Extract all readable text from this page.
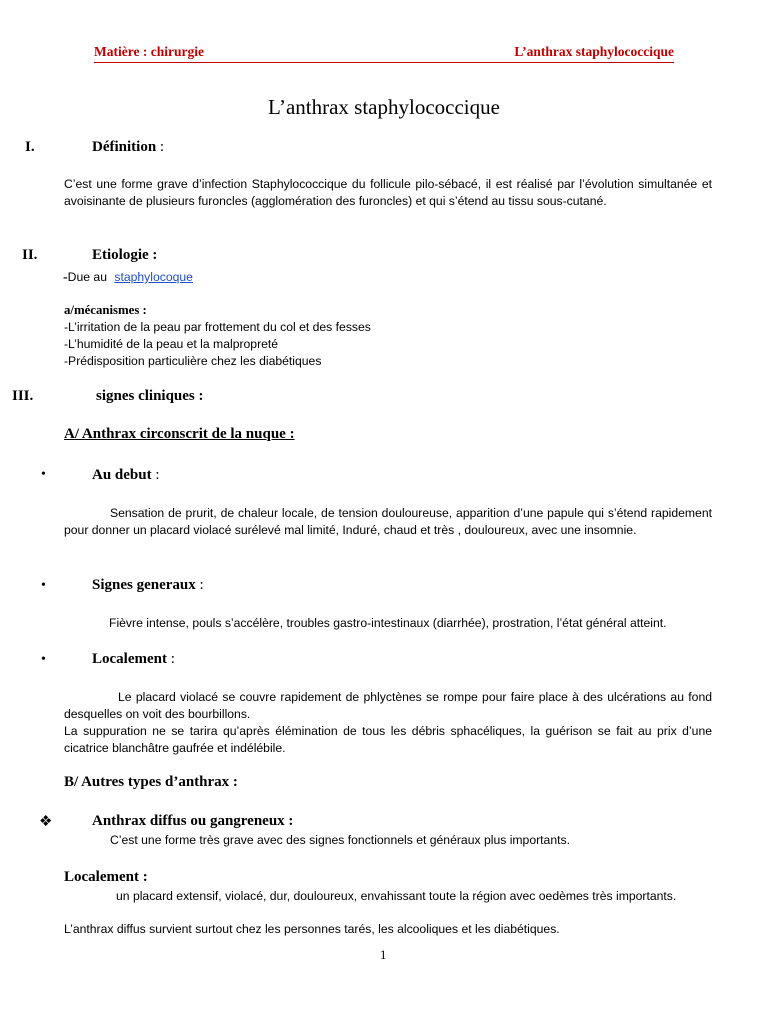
Matière : chirurgie	L’anthrax staphylococcique
L’anthrax staphylococcique
I.	Définition :
C’est une forme grave d’infection Staphylococcique du follicule pilo-sébacé, il est réalisé par l’évolution simultanée et avoisinante de plusieurs furoncles (agglomération des furoncles) et qui s’étend au tissu sous-cutané.
II.	Etiologie :
-Due au  staphylocoque
a/mécanismes :
-L’irritation de la peau par frottement du col et des fesses
-L’humidité de la peau et la malpropreté
-Prédisposition particulière chez les diabétiques
III.	signes cliniques :
A/ Anthrax circonscrit de la nuque :
•	Au debut :
Sensation de prurit, de chaleur locale, de tension douloureuse, apparition d’une papule qui s’étend rapidement pour donner un placard violacé surélevé mal limité, Induré, chaud et très , douloureux, avec une insomnie.
•	Signes generaux :
Fièvre intense, pouls s’accélère, troubles gastro-intestinaux (diarrhée), prostration, l’état général atteint.
•	Localement :
Le placard violacé se couvre rapidement de phlyctènes se rompe pour faire place à des ulcérations au fond desquelles on voit des bourbillons.
La suppuration ne se tarira qu’après élémination de tous les débris sphacéliques, la guérison se fait au prix d’une cicatrice blanchâtre gaufrée et indélébile.
B/ Autres types d’anthrax :
❖	Anthrax diffus ou gangreneux :
C’est une forme très grave avec des signes fonctionnels et généraux plus importants.
Localement :
un placard extensif, violacé, dur, douloureux, envahissant toute la région avec oedèmes très importants.
L’anthrax diffus survient surtout chez les personnes tarés, les alcooliques et les diabétiques.
1
